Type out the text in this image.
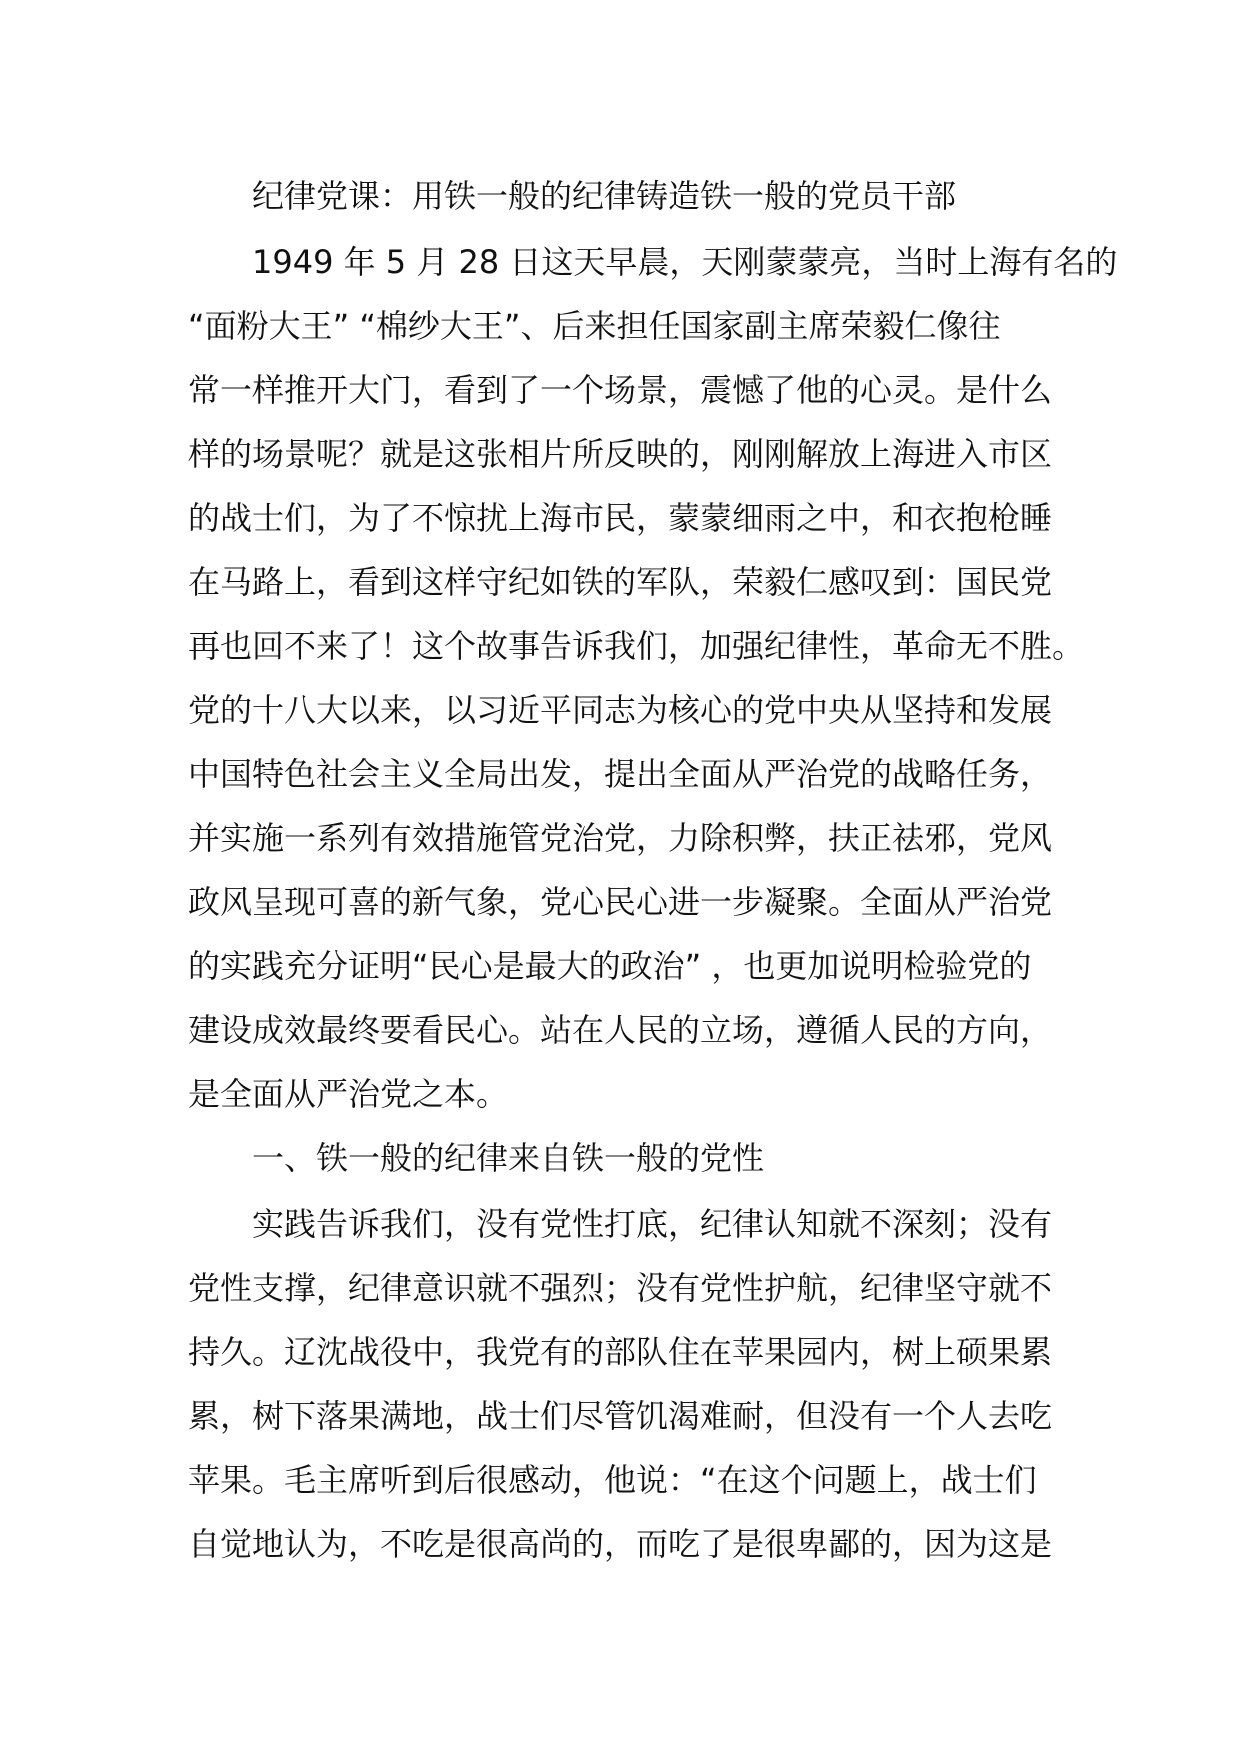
纪律党课：用铁一般的纪律铸造铁一般的党员干部
1949 年 5 月 28 日这天早晨，天刚蒙蒙亮，当时上海有名的
“面粉大王” “棉纱大王”、后来担任国家副主席荣毅仁像往
常一样推开大门，看到了一个场景，震憾了他的心灵。是什么
样的场景呢？就是这张相片所反映的，刚刚解放上海进入市区
的战士们，为了不惊扰上海市民，蒙蒙细雨之中，和衣抱枪睡
在马路上，看到这样守纪如铁的军队，荣毅仁感叹到：国民党
再也回不来了！这个故事告诉我们，加强纪律性，革命无不胜。
党的十八大以来，以习近平同志为核心的党中央从坚持和发展
中国特色社会主义全局出发，提出全面从严治党的战略任务，
并实施一系列有效措施管党治党，力除积弊，扶正祛邪，党风
政风呈现可喜的新气象，党心民心进一步凝聚。全面从严治党
的实践充分证明“民心是最大的政治” ，也更加说明检验党的
建设成效最终要看民心。站在人民的立场，遵循人民的方向，
是全面从严治党之本。
一、铁一般的纪律来自铁一般的党性
实践告诉我们，没有党性打底，纪律认知就不深刻；没有
党性支撑，纪律意识就不强烈；没有党性护航，纪律坚守就不
持久。辽沈战役中，我党有的部队住在苹果园内，树上硕果累
累，树下落果满地，战士们尽管饥渴难耐，但没有一个人去吃
苹果。毛主席听到后很感动，他说：“在这个问题上，战士们
自觉地认为，不吃是很高尚的，而吃了是很卑鄙的，因为这是
